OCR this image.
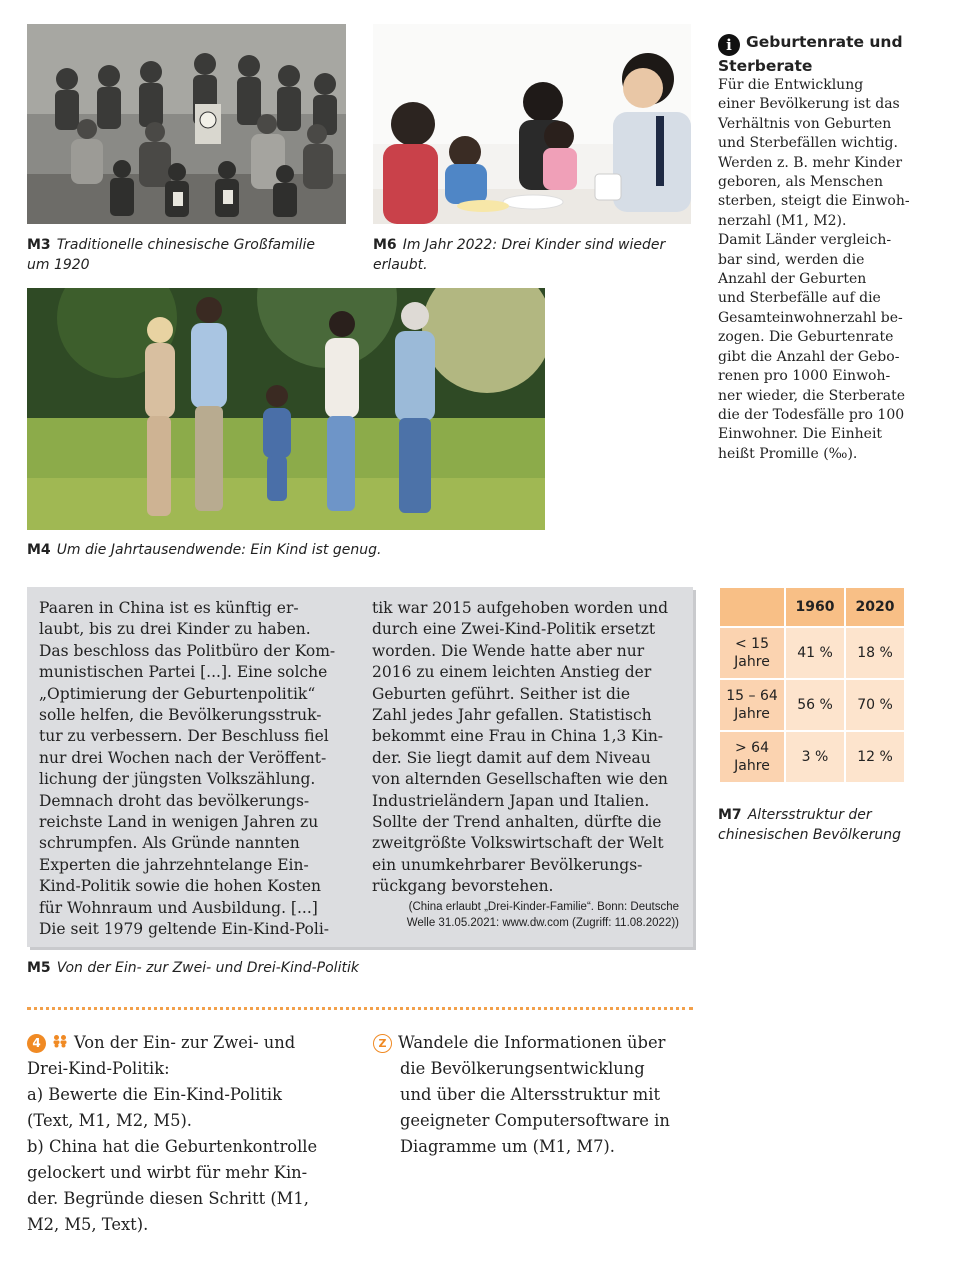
M3 Traditionelle chinesische Großfamilie
um 1920
M6 Im Jahr 2022: Drei Kinder sind wieder
erlaubt.
M4 Um die Jahrtausendwende: Ein Kind ist genug.
i Geburtenrate und
Sterberate
Für die Entwicklung
einer Bevölkerung ist das
Verhältnis von Geburten
und Sterbefällen wichtig.
Werden z. B. mehr Kinder
geboren, als Menschen
sterben, steigt die Einwoh-
nerzahl (M1, M2).
Damit Länder vergleich-
bar sind, werden die
Anzahl der Geburten
und Sterbefälle auf die
Gesamteinwohnerzahl be-
zogen. Die Geburtenrate
gibt die Anzahl der Gebo-
renen pro 1000 Einwoh-
ner wieder, die Sterberate
die der Todesfälle pro 100
Einwohner. Die Einheit
heißt Promille (‰).
Paaren in China ist es künftig er-
laubt, bis zu drei Kinder zu haben.
Das beschloss das Politbüro der Kom-
munistischen Partei [...]. Eine solche
„Optimierung der Geburtenpolitik“
solle helfen, die Bevölkerungsstruk-
tur zu verbessern. Der Beschluss fiel
nur drei Wochen nach der Veröffent-
lichung der jüngsten Volkszählung.
Demnach droht das bevölkerungs-
reichste Land in wenigen Jahren zu
schrumpfen. Als Gründe nannten
Experten die jahrzehntelange Ein-
Kind-Politik sowie die hohen Kosten
für Wohnraum und Ausbildung. [...]
Die seit 1979 geltende Ein-Kind-Poli-
tik war 2015 aufgehoben worden und
durch eine Zwei-Kind-Politik ersetzt
worden. Die Wende hatte aber nur
2016 zu einem leichten Anstieg der
Geburten geführt. Seither ist die
Zahl jedes Jahr gefallen. Statistisch
bekommt eine Frau in China 1,3 Kin-
der. Sie liegt damit auf dem Niveau
von alternden Gesellschaften wie den
Industrieländern Japan und Italien.
Sollte der Trend anhalten, dürfte die
zweitgrößte Volkswirtschaft der Welt
ein unumkehrbarer Bevölkerungs-
rückgang bevorstehen.
(China erlaubt „Drei-Kinder-Familie“. Bonn: Deutsche
Welle 31.05.2021: www.dw.com (Zugriff: 11.08.2022))
M5 Von der Ein- zur Zwei- und Drei-Kind-Politik
	1960	2020

< 15
Jahre	41 %	18 %

15 – 64
Jahre	56 %	70 %

> 64
Jahre	3 %	12 %
M7 Altersstruktur der
chinesischen Bevölkerung
4 Von der Ein- zur Zwei- und
Drei-Kind-Politik:
a) Bewerte die Ein-Kind-Politik
(Text, M1, M2, M5).
b) China hat die Geburtenkontrolle
gelockert und wirbt für mehr Kin-
der. Begründe diesen Schritt (M1,
M2, M5, Text).
Z Wandele die Informationen über
die Bevölkerungsentwicklung
und über die Altersstruktur mit
geeigneter Computersoftware in
Diagramme um (M1, M7).
